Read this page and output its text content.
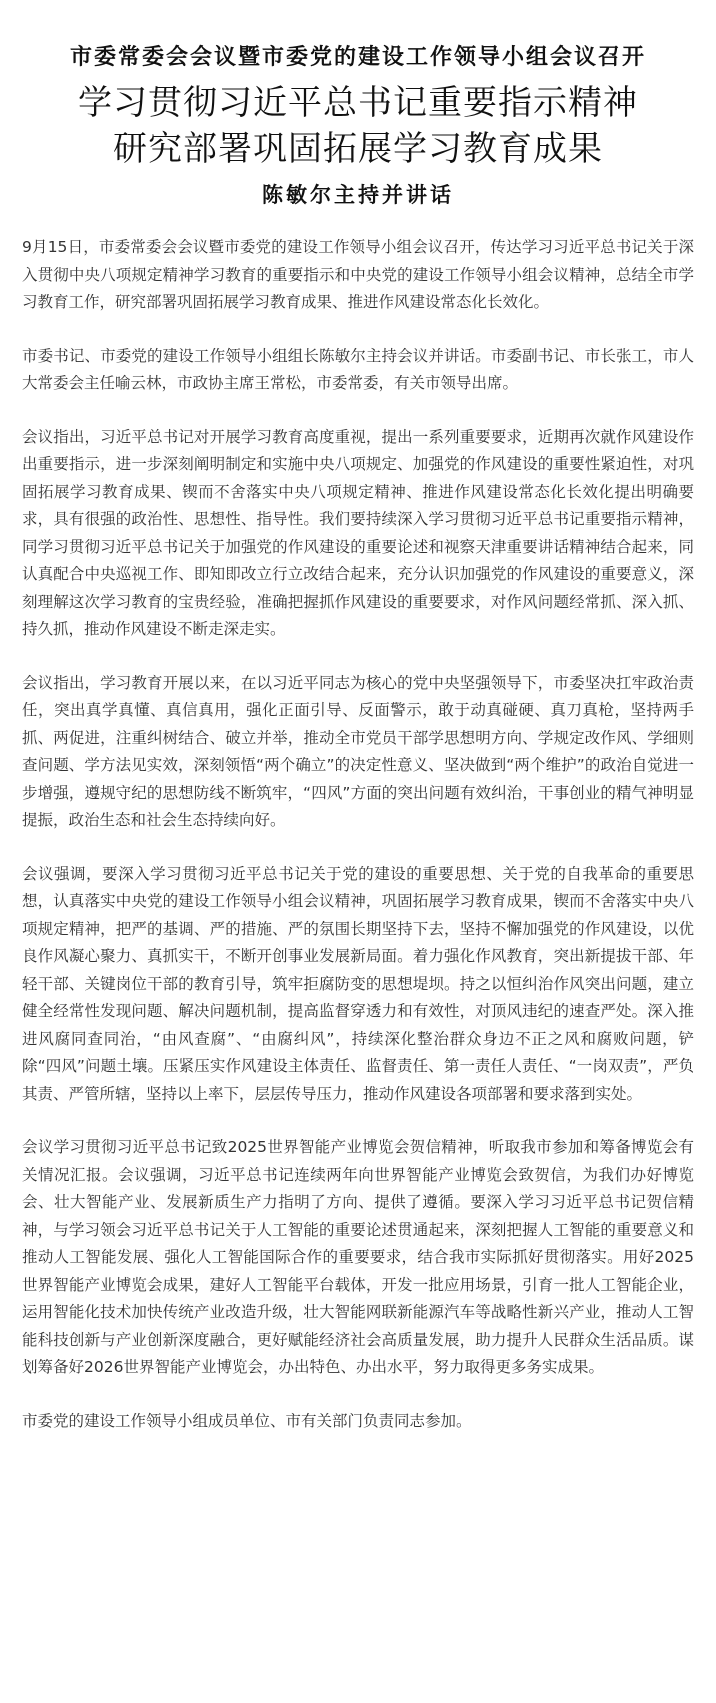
市委常委会会议暨市委党的建设工作领导小组会议召开
学习贯彻习近平总书记重要指示精神
研究部署巩固拓展学习教育成果
陈敏尔主持并讲话

9月15日，市委常委会会议暨市委党的建设工作领导小组会议召开，传达学习习近平总书记关于深入贯彻中央八项规定精神学习教育的重要指示和中央党的建设工作领导小组会议精神，总结全市学习教育工作，研究部署巩固拓展学习教育成果、推进作风建设常态化长效化。

市委书记、市委党的建设工作领导小组组长陈敏尔主持会议并讲话。市委副书记、市长张工，市人大常委会主任喻云林，市政协主席王常松，市委常委，有关市领导出席。

会议指出，习近平总书记对开展学习教育高度重视，提出一系列重要要求，近期再次就作风建设作出重要指示，进一步深刻阐明制定和实施中央八项规定、加强党的作风建设的重要性紧迫性，对巩固拓展学习教育成果、锲而不舍落实中央八项规定精神、推进作风建设常态化长效化提出明确要求，具有很强的政治性、思想性、指导性。我们要持续深入学习贯彻习近平总书记重要指示精神，同学习贯彻习近平总书记关于加强党的作风建设的重要论述和视察天津重要讲话精神结合起来，同认真配合中央巡视工作、即知即改立行立改结合起来，充分认识加强党的作风建设的重要意义，深刻理解这次学习教育的宝贵经验，准确把握抓作风建设的重要要求，对作风问题经常抓、深入抓、持久抓，推动作风建设不断走深走实。

会议指出，学习教育开展以来，在以习近平同志为核心的党中央坚强领导下，市委坚决扛牢政治责任，突出真学真懂、真信真用，强化正面引导、反面警示，敢于动真碰硬、真刀真枪，坚持两手抓、两促进，注重纠树结合、破立并举，推动全市党员干部学思想明方向、学规定改作风、学细则查问题、学方法见实效，深刻领悟“两个确立”的决定性意义、坚决做到“两个维护”的政治自觉进一步增强，遵规守纪的思想防线不断筑牢，“四风”方面的突出问题有效纠治，干事创业的精气神明显提振，政治生态和社会生态持续向好。

会议强调，要深入学习贯彻习近平总书记关于党的建设的重要思想、关于党的自我革命的重要思想，认真落实中央党的建设工作领导小组会议精神，巩固拓展学习教育成果，锲而不舍落实中央八项规定精神，把严的基调、严的措施、严的氛围长期坚持下去，坚持不懈加强党的作风建设，以优良作风凝心聚力、真抓实干，不断开创事业发展新局面。着力强化作风教育，突出新提拔干部、年轻干部、关键岗位干部的教育引导，筑牢拒腐防变的思想堤坝。持之以恒纠治作风突出问题，建立健全经常性发现问题、解决问题机制，提高监督穿透力和有效性，对顶风违纪的速查严处。深入推进风腐同查同治，“由风查腐”、“由腐纠风”，持续深化整治群众身边不正之风和腐败问题，铲除“四风”问题土壤。压紧压实作风建设主体责任、监督责任、第一责任人责任、“一岗双责”，严负其责、严管所辖，坚持以上率下，层层传导压力，推动作风建设各项部署和要求落到实处。

会议学习贯彻习近平总书记致2025世界智能产业博览会贺信精神，听取我市参加和筹备博览会有关情况汇报。会议强调，习近平总书记连续两年向世界智能产业博览会致贺信，为我们办好博览会、壮大智能产业、发展新质生产力指明了方向、提供了遵循。要深入学习习近平总书记贺信精神，与学习领会习近平总书记关于人工智能的重要论述贯通起来，深刻把握人工智能的重要意义和推动人工智能发展、强化人工智能国际合作的重要要求，结合我市实际抓好贯彻落实。用好2025世界智能产业博览会成果，建好人工智能平台载体，开发一批应用场景，引育一批人工智能企业，运用智能化技术加快传统产业改造升级，壮大智能网联新能源汽车等战略性新兴产业，推动人工智能科技创新与产业创新深度融合，更好赋能经济社会高质量发展，助力提升人民群众生活品质。谋划筹备好2026世界智能产业博览会，办出特色、办出水平，努力取得更多务实成果。

市委党的建设工作领导小组成员单位、市有关部门负责同志参加。
